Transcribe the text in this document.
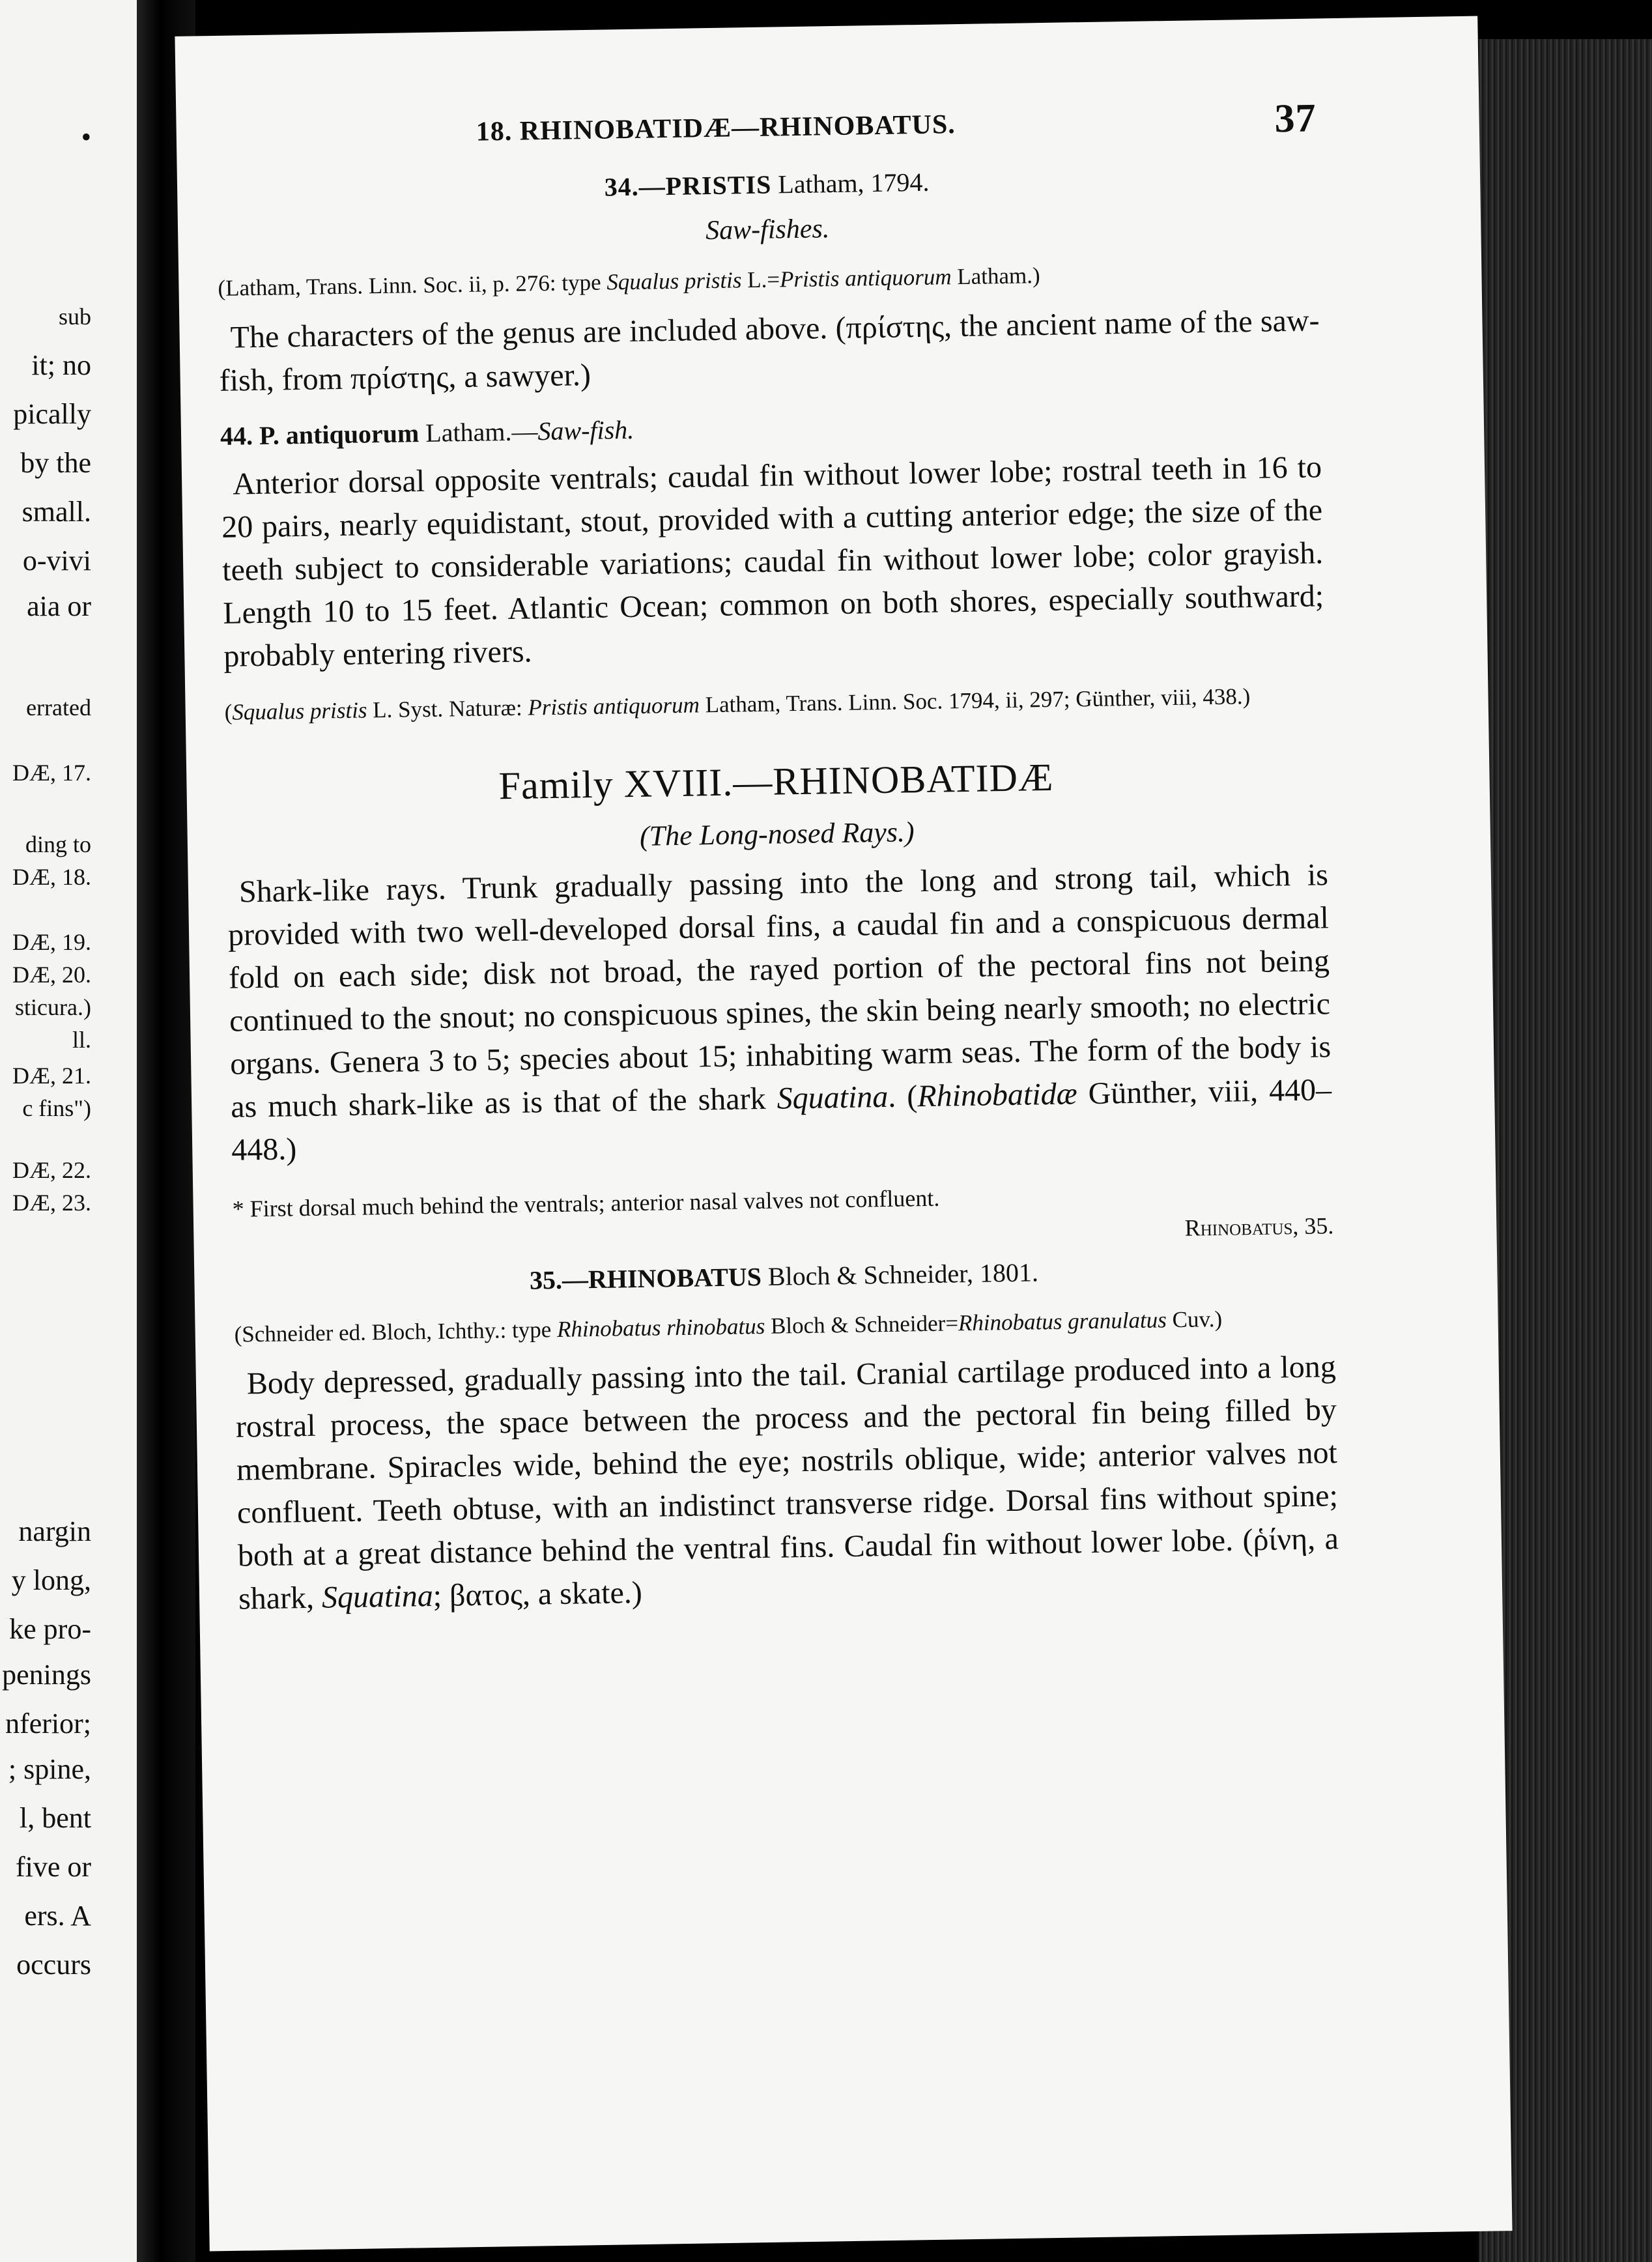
•
sub
it; no
pically
by the
small.
o-vivi
aia or
errated
DÆ, 17.
ding to
DÆ, 18.
DÆ, 19.
DÆ, 20.
sticura.)
ll.
DÆ, 21.
c fins")
DÆ, 22.
DÆ, 23.
nargin
y long,
ke pro-
penings
nferior;
; spine,
l, bent
five or
ers. A
occurs
18. RHINOBATIDÆ—RHINOBATUS.	37
34.—PRISTIS Latham, 1794.
Saw-fishes.
(Latham, Trans. Linn. Soc. ii, p. 276: type Squalus pristis L.=Pristis antiquorum Latham.)
The characters of the genus are included above. (πρίστης, the ancient name of the saw-fish, from πρίστης, a sawyer.)
44. P. antiquorum Latham.—Saw-fish.
Anterior dorsal opposite ventrals; caudal fin without lower lobe; rostral teeth in 16 to 20 pairs, nearly equidistant, stout, provided with a cutting anterior edge; the size of the teeth subject to considerable variations; caudal fin without lower lobe; color grayish. Length 10 to 15 feet. Atlantic Ocean; common on both shores, especially southward; probably entering rivers.
(Squalus pristis L. Syst. Naturæ: Pristis antiquorum Latham, Trans. Linn. Soc. 1794, ii, 297; Günther, viii, 438.)
Family XVIII.—RHINOBATIDÆ
(The Long-nosed Rays.)
Shark-like rays. Trunk gradually passing into the long and strong tail, which is provided with two well-developed dorsal fins, a caudal fin and a conspicuous dermal fold on each side; disk not broad, the rayed portion of the pectoral fins not being continued to the snout; no conspicuous spines, the skin being nearly smooth; no electric organs. Genera 3 to 5; species about 15; inhabiting warm seas. The form of the body is as much shark-like as is that of the shark Squatina. (Rhinobatidæ Günther, viii, 440–448.)
* First dorsal much behind the ventrals; anterior nasal valves not confluent.
Rhinobatus, 35.
35.—RHINOBATUS Bloch & Schneider, 1801.
(Schneider ed. Bloch, Ichthy.: type Rhinobatus rhinobatus Bloch & Schneider=Rhinobatus granulatus Cuv.)
Body depressed, gradually passing into the tail. Cranial cartilage produced into a long rostral process, the space between the process and the pectoral fin being filled by membrane. Spiracles wide, behind the eye; nostrils oblique, wide; anterior valves not confluent. Teeth obtuse, with an indistinct transverse ridge. Dorsal fins without spine; both at a great distance behind the ventral fins. Caudal fin without lower lobe. (ῥίνη, a shark, Squatina; βατος, a skate.)
